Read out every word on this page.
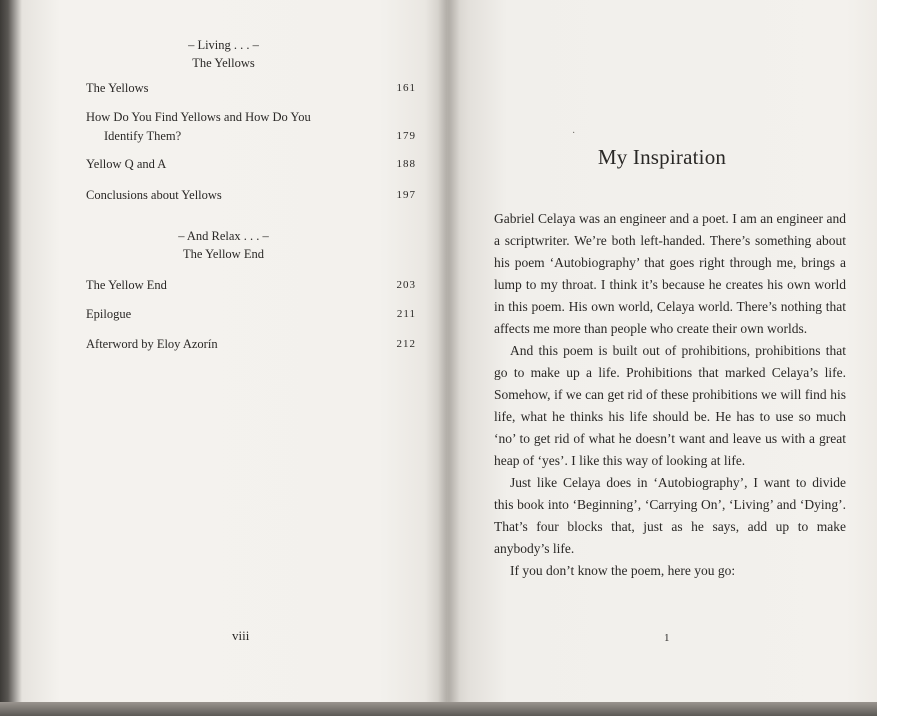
– Living . . . –
The Yellows
The Yellows	161
How Do You Find Yellows and How Do You
Identify Them?	179
Yellow Q and A	188
Conclusions about Yellows	197
– And Relax . . . –
The Yellow End
The Yellow End	203
Epilogue	211
Afterword by Eloy Azorín	212
viii
·
My Inspiration

Gabriel Celaya was an engineer and a poet. I am an engineer and a scriptwriter. We’re both left-handed. There’s something about his poem ‘Autobiography’ that goes right through me, brings a lump to my throat. I think it’s because he creates his own world in this poem. His own world, Celaya world. There’s nothing that affects me more than people who create their own worlds.

And this poem is built out of prohibitions, prohibitions that go to make up a life. Prohibitions that marked Celaya’s life. Somehow, if we can get rid of these prohibitions we will find his life, what he thinks his life should be. He has to use so much ‘no’ to get rid of what he doesn’t want and leave us with a great heap of ‘yes’. I like this way of looking at life.

Just like Celaya does in ‘Autobiography’, I want to divide this book into ‘Beginning’, ‘Carrying On’, ‘Living’ and ‘Dying’. That’s four blocks that, just as he says, add up to make anybody’s life.

If you don’t know the poem, here you go:

1
